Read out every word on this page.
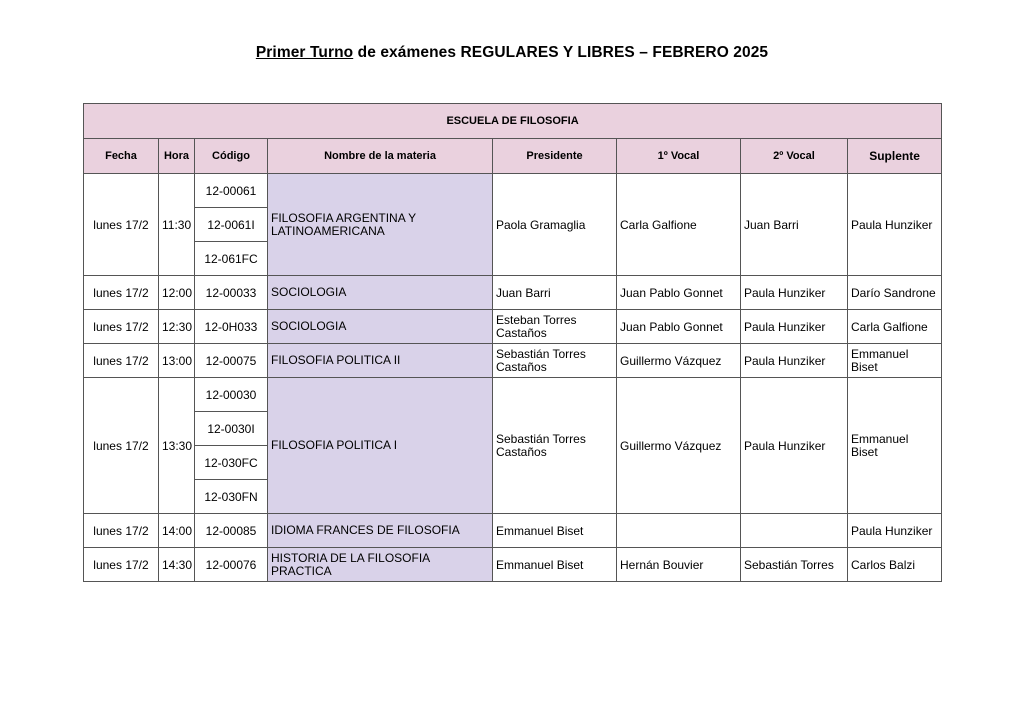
Primer Turno de exámenes REGULARES Y LIBRES – FEBRERO 2025
ESCUELA DE FILOSOFIA							
Fecha	Hora	Código	Nombre de la materia	Presidente	1º Vocal	2º Vocal	Suplente
lunes 17/2	11:30	12-00061	FILOSOFIA ARGENTINA Y LATINOAMERICANA	Paola Gramaglia	Carla Galfione	Juan Barri	Paula Hunziker
		12-0061I					
		12-061FC					
lunes 17/2	12:00	12-00033	SOCIOLOGIA	Juan Barri	Juan Pablo Gonnet	Paula Hunziker	Darío Sandrone
lunes 17/2	12:30	12-0H033	SOCIOLOGIA	Esteban Torres Castaños	Juan Pablo Gonnet	Paula Hunziker	Carla Galfione
lunes 17/2	13:00	12-00075	FILOSOFIA POLITICA II	Sebastián Torres Castaños	Guillermo Vázquez	Paula Hunziker	Emmanuel Biset
lunes 17/2	13:30	12-00030	FILOSOFIA POLITICA I	Sebastián Torres Castaños	Guillermo Vázquez	Paula Hunziker	Emmanuel Biset
		12-0030I					
		12-030FC					
		12-030FN					
lunes 17/2	14:00	12-00085	IDIOMA FRANCES DE FILOSOFIA	Emmanuel Biset			Paula Hunziker
lunes 17/2	14:30	12-00076	HISTORIA DE LA FILOSOFIA PRACTICA	Emmanuel Biset	Hernán Bouvier	Sebastián Torres	Carlos Balzi
